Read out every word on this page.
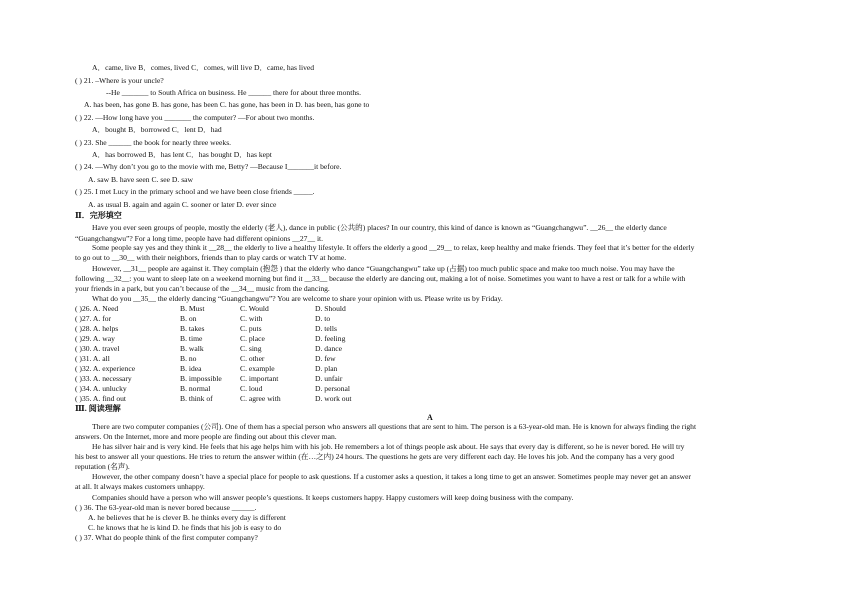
A．came, live B．comes, lived C．comes, will live D．came, has lived
( ) 21. –Where is your uncle?
--He _______ to South Africa on business. He ______ there for about three months.
A. has been, has gone B. has gone, has been C. has gone, has been in D. has been, has gone to
( ) 22. —How long have you _______ the computer? —For about two months.
A．bought B．borrowed C．lent D．had
( ) 23. She ______ the book for nearly three weeks.
A．has borrowed B．has lent C．has bought D．has kept
( ) 24. —Why don’t you go to the movie with me, Betty? —Because I_______it before.
A. saw B. have seen C. see D. saw
( ) 25. I met Lucy in the primary school and we have been close friends _____.
A. as usual B. again and again C. sooner or later D. ever since
Ⅱ．完形填空
Have you ever seen groups of people, mostly the elderly (老人), dance in public (公共的) places? In our country, this kind of dance is known as “Guangchangwu”. __26__ the elderly dance
“Guangchangwu”? For a long time, people have had different opinions __27__ it.
Some people say yes and they think it __28__ the elderly to live a healthy lifestyle. It offers the elderly a good __29__ to relax, keep healthy and make friends. They feel that it’s better for the elderly
to go out to __30__ with their neighbors, friends than to play cards or watch TV at home.
However, __31__ people are against it. They complain (抱怨 ) that the elderly who dance “Guangchangwu” take up (占据) too much public space and make too much noise. You may have the
following __32__: you want to sleep late on a weekend morning but find it __33__ because the elderly are dancing out, making a lot of noise. Sometimes you want to have a rest or talk for a while with
your friends in a park, but you can’t because of the __34__ music from the dancing.
What do you __35__ the elderly dancing “Guangchangwu”? You are welcome to share your opinion with us. Please write us by Friday.
( )26. A. Need	B. Must	C. Would	D. Should
( )27. A. for	B. on	C. with	D. to
( )28. A. helps	B. takes	C. puts	D. tells
( )29. A. way	B. time	C. place	D. feeling
( )30. A. travel	B. walk	C. sing	D. dance
( )31. A. all	B. no	C. other	D. few
( )32. A. experience	B. idea	C. example	D. plan
( )33. A. necessary	B. impossible C. important	D. unfair
( )34. A. unlucky	B. normal	C. loud	D. personal
( )35. A. find out	B. think of	C. agree with	D. work out
Ⅲ. 阅读理解
A
There are two computer companies (公司). One of them has a special person who answers all questions that are sent to him. The person is a 63-year-old man. He is known for always finding the right
answers. On the Internet, more and more people are finding out about this clever man.
He has silver hair and is very kind. He feels that his age helps him with his job. He remembers a lot of things people ask about. He says that every day is different, so he is never bored. He will try
his best to answer all your questions. He tries to return the answer within (在…之内) 24 hours. The questions he gets are very different each day. He loves his job. And the company has a very good
reputation (名声).
However, the other company doesn’t have a special place for people to ask questions. If a customer asks a question, it takes a long time to get an answer. Sometimes people may never get an answer
at all. It always makes customers unhappy.
Companies should have a person who will answer people’s questions. It keeps customers happy. Happy customers will keep doing business with the company.
( ) 36. The 63-year-old man is never bored because ______.
A. he believes that he is clever B. he thinks every day is different
C. he knows that he is kind D. he finds that his job is easy to do
( ) 37. What do people think of the first computer company?
